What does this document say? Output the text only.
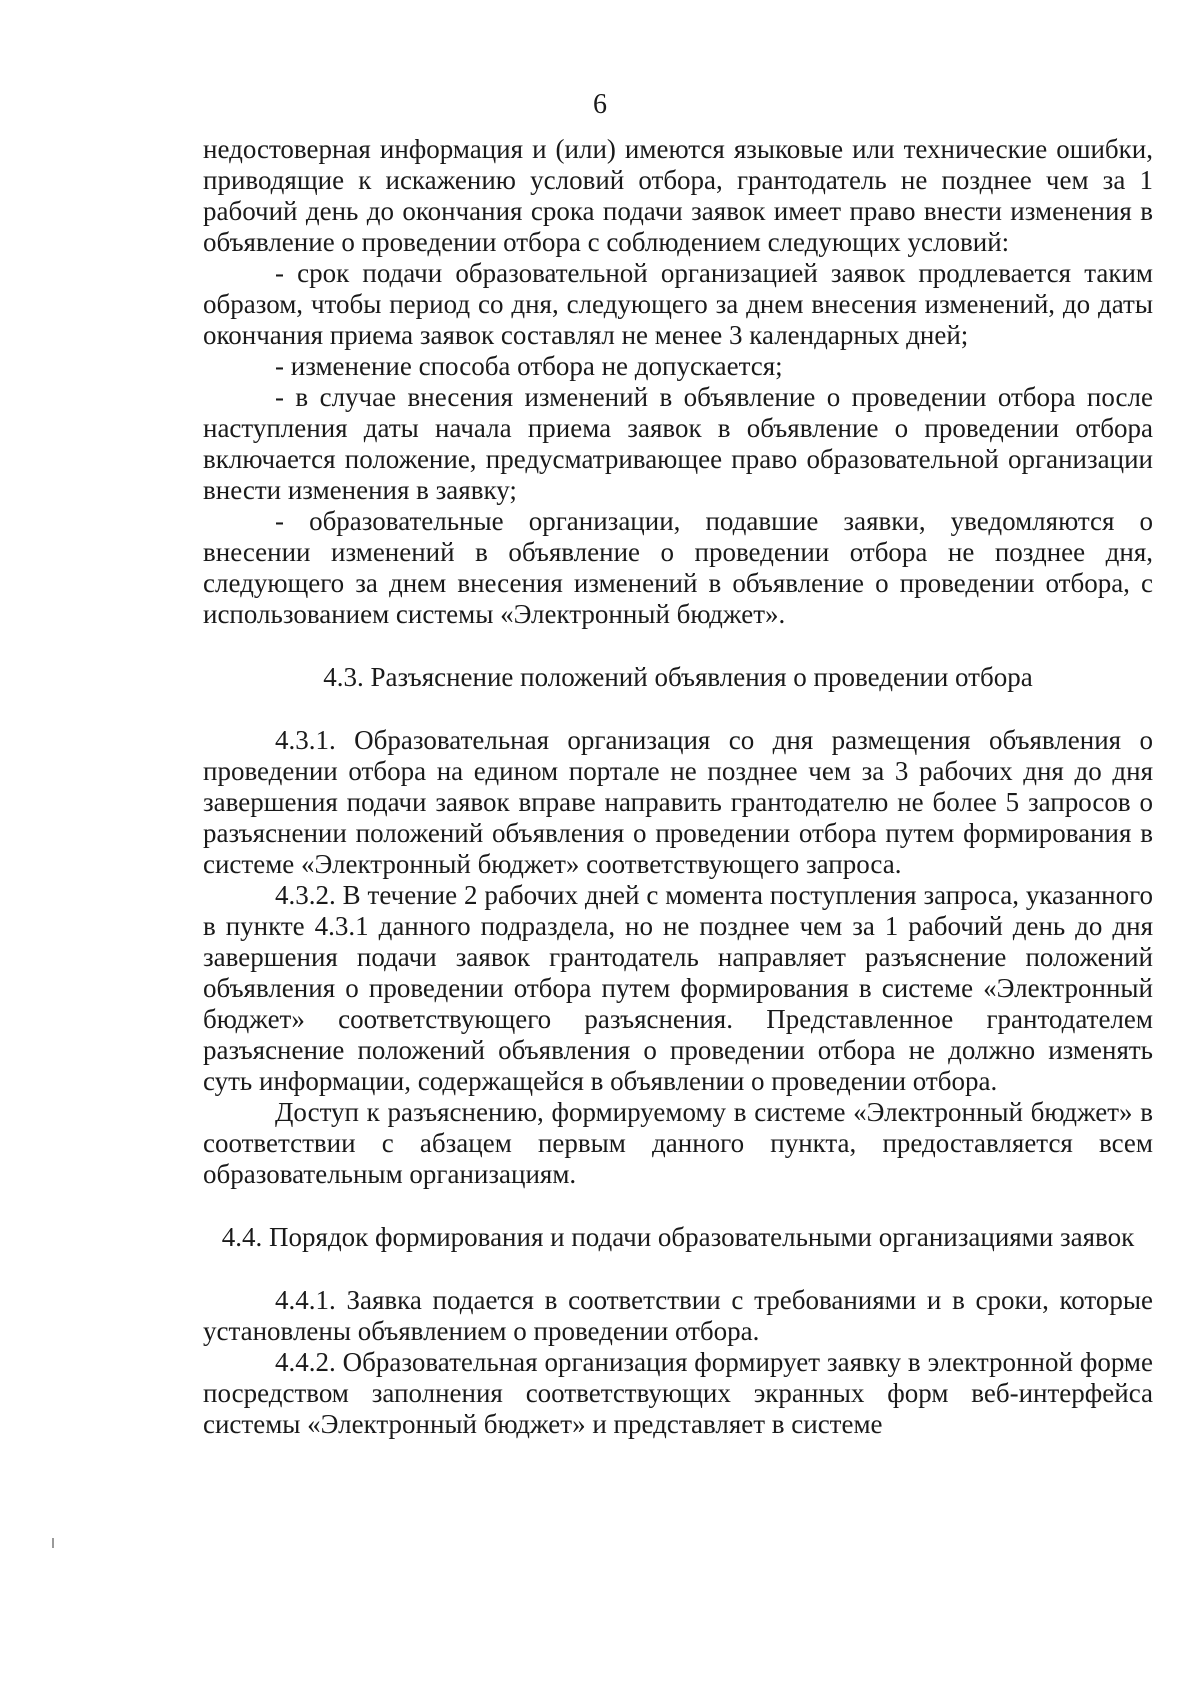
6

недостоверная информация и (или) имеются языковые или технические ошибки, приводящие к искажению условий отбора, грантодатель не позднее чем за 1 рабочий день до окончания срока подачи заявок имеет право внести изменения в объявление о проведении отбора с соблюдением следующих условий:

- срок подачи образовательной организацией заявок продлевается таким образом, чтобы период со дня, следующего за днем внесения изменений, до даты окончания приема заявок составлял не менее 3 календарных дней;

- изменение способа отбора не допускается;

- в случае внесения изменений в объявление о проведении отбора после наступления даты начала приема заявок в объявление о проведении отбора включается положение, предусматривающее право образовательной организации внести изменения в заявку;

- образовательные организации, подавшие заявки, уведомляются о внесении изменений в объявление о проведении отбора не позднее дня, следующего за днем внесения изменений в объявление о проведении отбора, с использованием системы «Электронный бюджет».

4.3. Разъяснение положений объявления о проведении отбора

4.3.1. Образовательная организация со дня размещения объявления о проведении отбора на едином портале не позднее чем за 3 рабочих дня до дня завершения подачи заявок вправе направить грантодателю не более 5 запросов о разъяснении положений объявления о проведении отбора путем формирования в системе «Электронный бюджет» соответствующего запроса.

4.3.2. В течение 2 рабочих дней с момента поступления запроса, указанного в пункте 4.3.1 данного подраздела, но не позднее чем за 1 рабочий день до дня завершения подачи заявок грантодатель направляет разъяснение положений объявления о проведении отбора путем формирования в системе «Электронный бюджет» соответствующего разъяснения. Представленное грантодателем разъяснение положений объявления о проведении отбора не должно изменять суть информации, содержащейся в объявлении о проведении отбора.

Доступ к разъяснению, формируемому в системе «Электронный бюджет» в соответствии с абзацем первым данного пункта, предоставляется всем образовательным организациям.

4.4. Порядок формирования и подачи образовательными организациями заявок

4.4.1. Заявка подается в соответствии с требованиями и в сроки, которые установлены объявлением о проведении отбора.

4.4.2. Образовательная организация формирует заявку в электронной форме посредством заполнения соответствующих экранных форм веб-интерфейса системы «Электронный бюджет» и представляет в системе
